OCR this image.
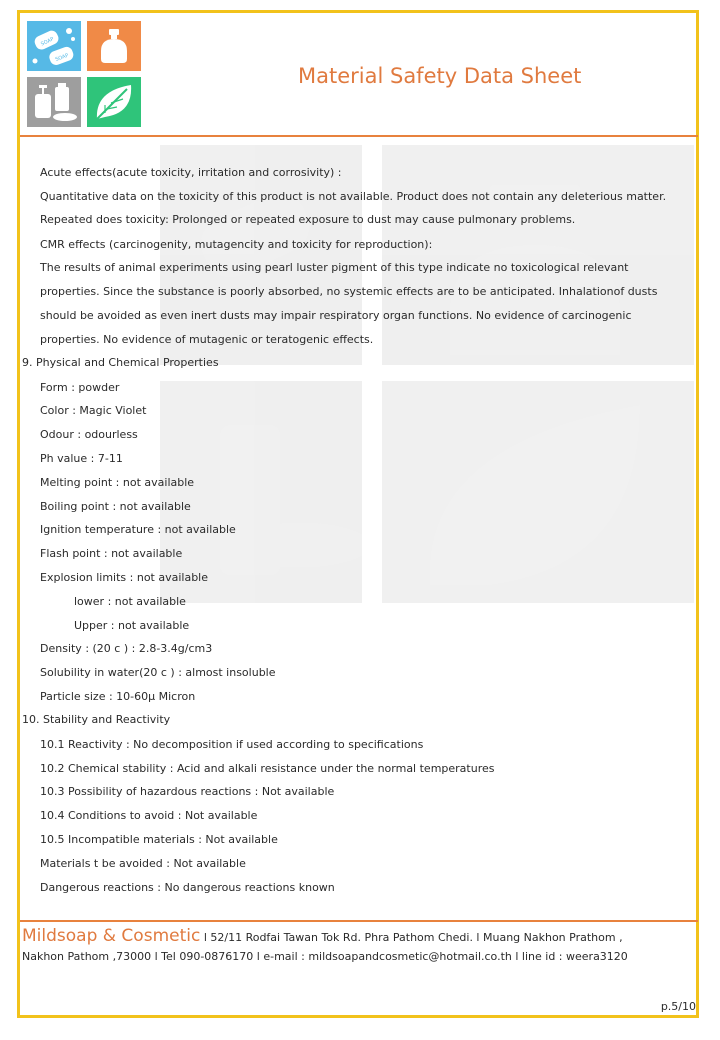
SOAP
SOAP
Material Safety Data Sheet
Acute effects(acute toxicity, irritation and corrosivity) :
Quantitative data on the toxicity of this product is not available. Product does not contain any deleterious matter.
Repeated does toxicity: Prolonged or repeated exposure to dust may cause pulmonary problems.
CMR effects (carcinogenity, mutagencity and toxicity for reproduction):
The results of animal experiments using pearl luster pigment of this type indicate no toxicological relevant
properties. Since the substance is poorly absorbed, no systemic effects are to be anticipated. Inhalationof dusts
should be avoided as even inert dusts may impair respiratory organ functions. No evidence of carcinogenic
properties. No evidence of mutagenic or teratogenic effects.
9. Physical and Chemical Properties
Form : powder
Color : Magic Violet
Odour : odourless
Ph value : 7-11
Melting point : not available
Boiling point : not available
Ignition temperature : not available
Flash point : not available
Explosion limits : not available
lower : not available
Upper : not available
Density : (20 c ) : 2.8-3.4g/cm3
Solubility in water(20 c ) : almost insoluble
Particle size : 10-60µ Micron
10. Stability and Reactivity
10.1 Reactivity : No decomposition if used according to specifications
10.2 Chemical stability : Acid and alkali resistance under the normal temperatures
10.3 Possibility of hazardous reactions : Not available
10.4 Conditions to avoid : Not available
10.5 Incompatible materials : Not available
Materials t be avoided : Not available
Dangerous reactions : No dangerous reactions known
Mildsoap & Cosmetic l 52/11 Rodfai Tawan Tok Rd. Phra Pathom Chedi. l Muang Nakhon Prathom ,
Nakhon Pathom ,73000 l Tel 090-0876170 l e-mail : mildsoapandcosmetic@hotmail.co.th l line id : weera3120
p.5/10
